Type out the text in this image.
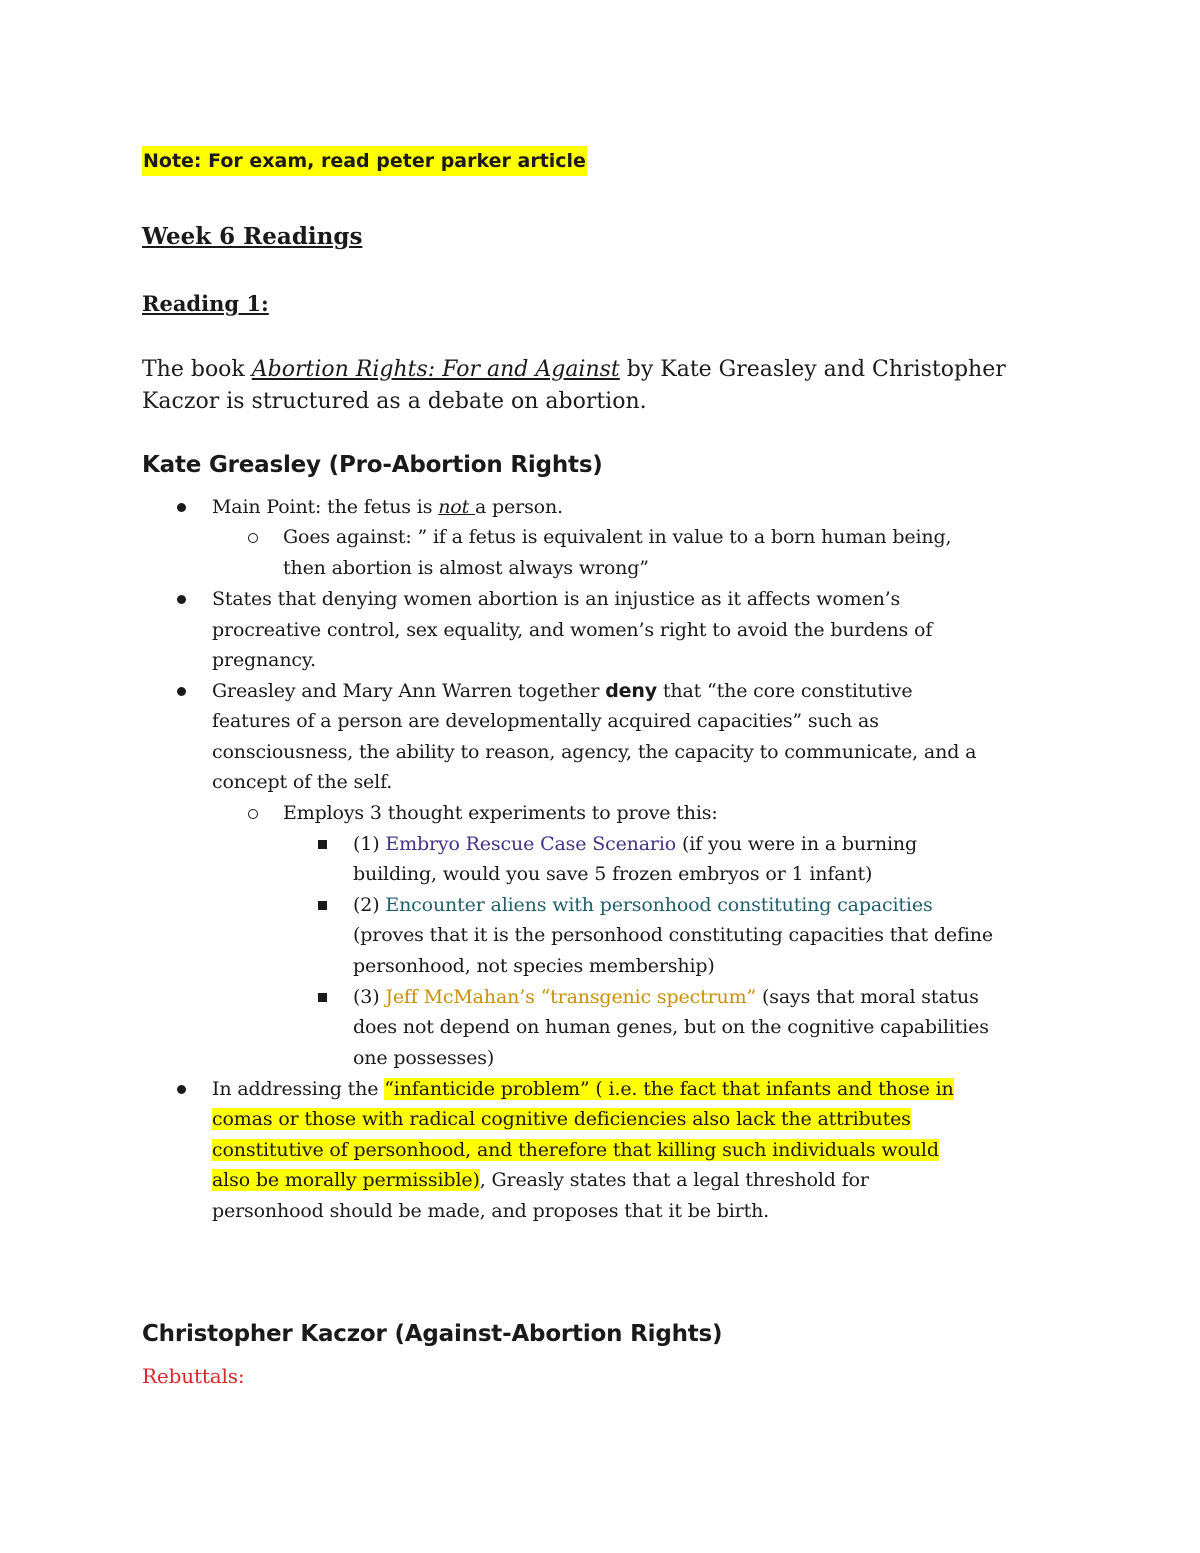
Note: For exam, read peter parker article
Week 6 Readings
Reading 1:
The book Abortion Rights: For and Against by Kate Greasley and Christopher
Kaczor is structured as a debate on abortion.
Kate Greasley (Pro-Abortion Rights)
Main Point: the fetus is not a person.
Goes against: ” if a fetus is equivalent in value to a born human being,
then abortion is almost always wrong”
States that denying women abortion is an injustice as it affects women’s
procreative control, sex equality, and women’s right to avoid the burdens of
pregnancy.
Greasley and Mary Ann Warren together deny that “the core constitutive
features of a person are developmentally acquired capacities” such as
consciousness, the ability to reason, agency, the capacity to communicate, and a
concept of the self.
Employs 3 thought experiments to prove this:
(1) Embryo Rescue Case Scenario (if you were in a burning
building, would you save 5 frozen embryos or 1 infant)
(2) Encounter aliens with personhood constituting capacities
(proves that it is the personhood constituting capacities that define
personhood, not species membership)
(3) Jeff McMahan’s “transgenic spectrum” (says that moral status
does not depend on human genes, but on the cognitive capabilities
one possesses)
In addressing the “infanticide problem” ( i.e. the fact that infants and those in
comas or those with radical cognitive deficiencies also lack the attributes
constitutive of personhood, and therefore that killing such individuals would
also be morally permissible), Greasly states that a legal threshold for
personhood should be made, and proposes that it be birth.
Christopher Kaczor (Against-Abortion Rights)
Rebuttals:
